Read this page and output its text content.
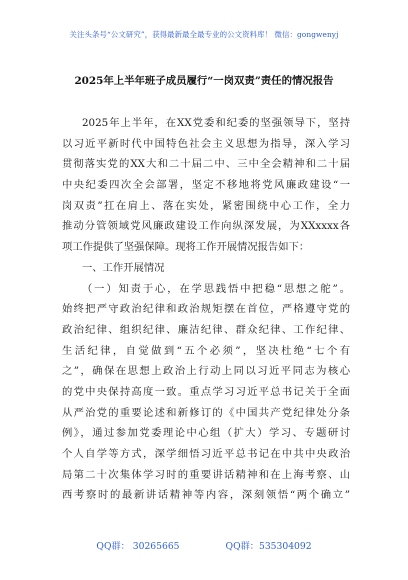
关注头条号“公文研究”，获得最新最全最专业的公文资料库！ 微信：gongwenyj
2025年上半年班子成员履行“一岗双责”责任的情况报告
2025年上半年，在XX党委和纪委的坚强领导下，坚持
以习近平新时代中国特色社会主义思想为指导，深入学习
贯彻落实党的XX大和二十届二中、三中全会精神和二十届
中央纪委四次全会部署，坚定不移地将党风廉政建设“一
岗双责”扛在肩上、落在实处，紧密围绕中心工作，全力
推动分管领域党风廉政建设工作向纵深发展，为XXxxxx各
项工作提供了坚强保障。现将工作开展情况报告如下：
一、工作开展情况
（一）知责于心，在学思践悟中把稳“思想之舵”。
始终把严守政治纪律和政治规矩摆在首位，严格遵守党的
政治纪律、组织纪律、廉洁纪律、群众纪律、工作纪律、
生活纪律，自觉做到“五个必须”，坚决杜绝“七个有
之”，确保在思想上政治上行动上同以习近平同志为核心
的党中央保持高度一致。重点学习习近平总书记关于全面
从严治党的重要论述和新修订的《中国共产党纪律处分条
例》，通过参加党委理论中心组（扩大）学习、专题研讨
个人自学等方式，深学细悟习近平总书记在中共中央政治
局第二十次集体学习时的重要讲话精神和在上海考察、山
西考察时的最新讲话精神等内容，深刻领悟“两个确立”
QQ群： 30265665	QQ群：535304092
